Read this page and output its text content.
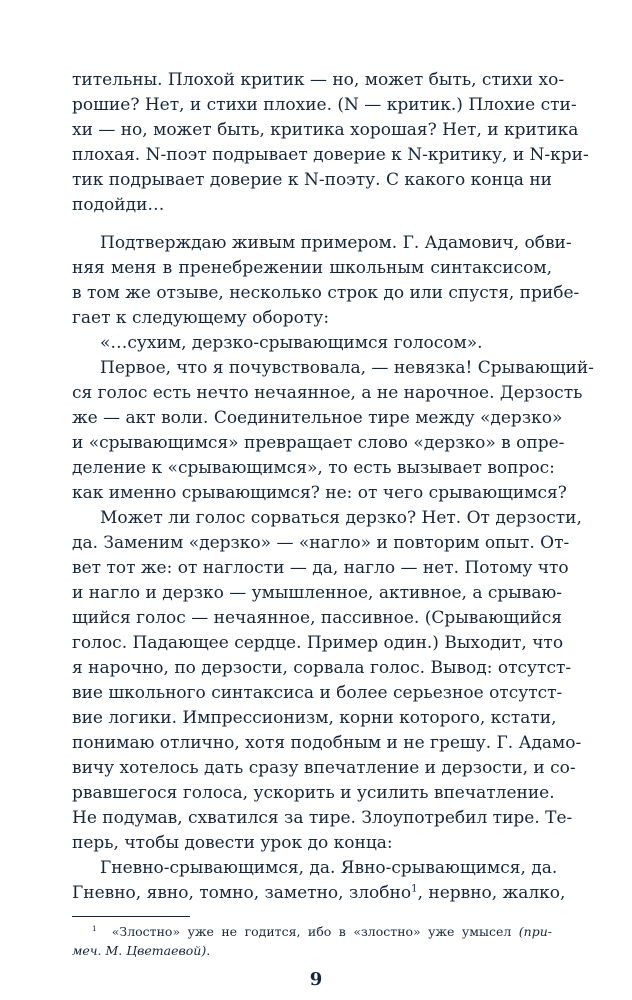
тительны. Плохой критик — но, может быть, стихи хо-
рошие? Нет, и стихи плохие. (N — критик.) Плохие сти-
хи — но, может быть, критика хорошая? Нет, и критика
плохая. N-поэт подрывает доверие к N-критику, и N-кри-
тик подрывает доверие к N-поэту. С какого конца ни
подойди…
Подтверждаю живым примером. Г. Адамович, обви-
няя меня в пренебрежении школьным синтаксисом,
в том же отзыве, несколько строк до или спустя, прибе-
гает к следующему обороту:
«…сухим, дерзко-срывающимся голосом».
Первое, что я почувствовала, — невязка! Срывающий-
ся голос есть нечто нечаянное, а не нарочное. Дерзость
же — акт воли. Соединительное тире между «дерзко»
и «срывающимся» превращает слово «дерзко» в опре-
деление к «срывающимся», то есть вызывает вопрос:
как именно срывающимся? не: от чего срывающимся?
Может ли голос сорваться дерзко? Нет. От дерзости,
да. Заменим «дерзко» — «нагло» и повторим опыт. От-
вет тот же: от наглости — да, нагло — нет. Потому что
и нагло и дерзко — умышленное, активное, а срываю-
щийся голос — нечаянное, пассивное. (Срывающийся
голос. Падающее сердце. Пример один.) Выходит, что
я нарочно, по дерзости, сорвала голос. Вывод: отсутст-
вие школьного синтаксиса и более серьезное отсутст-
вие логики. Импрессионизм, корни которого, кстати,
понимаю отлично, хотя подобным и не грешу. Г. Адамо-
вичу хотелось дать сразу впечатление и дерзости, и со-
рвавшегося голоса, ускорить и усилить впечатление.
Не подумав, схватился за тире. Злоупотребил тире. Те-
перь, чтобы довести урок до конца:
Гневно-срывающимся, да. Явно-срывающимся, да.
Гневно, явно, томно, заметно, злобно$^1$, нервно, жалко,
$^1$ «Злостно» уже не годится, ибо в «злостно» уже умысел (при-
меч. М. Цветаевой).
9
